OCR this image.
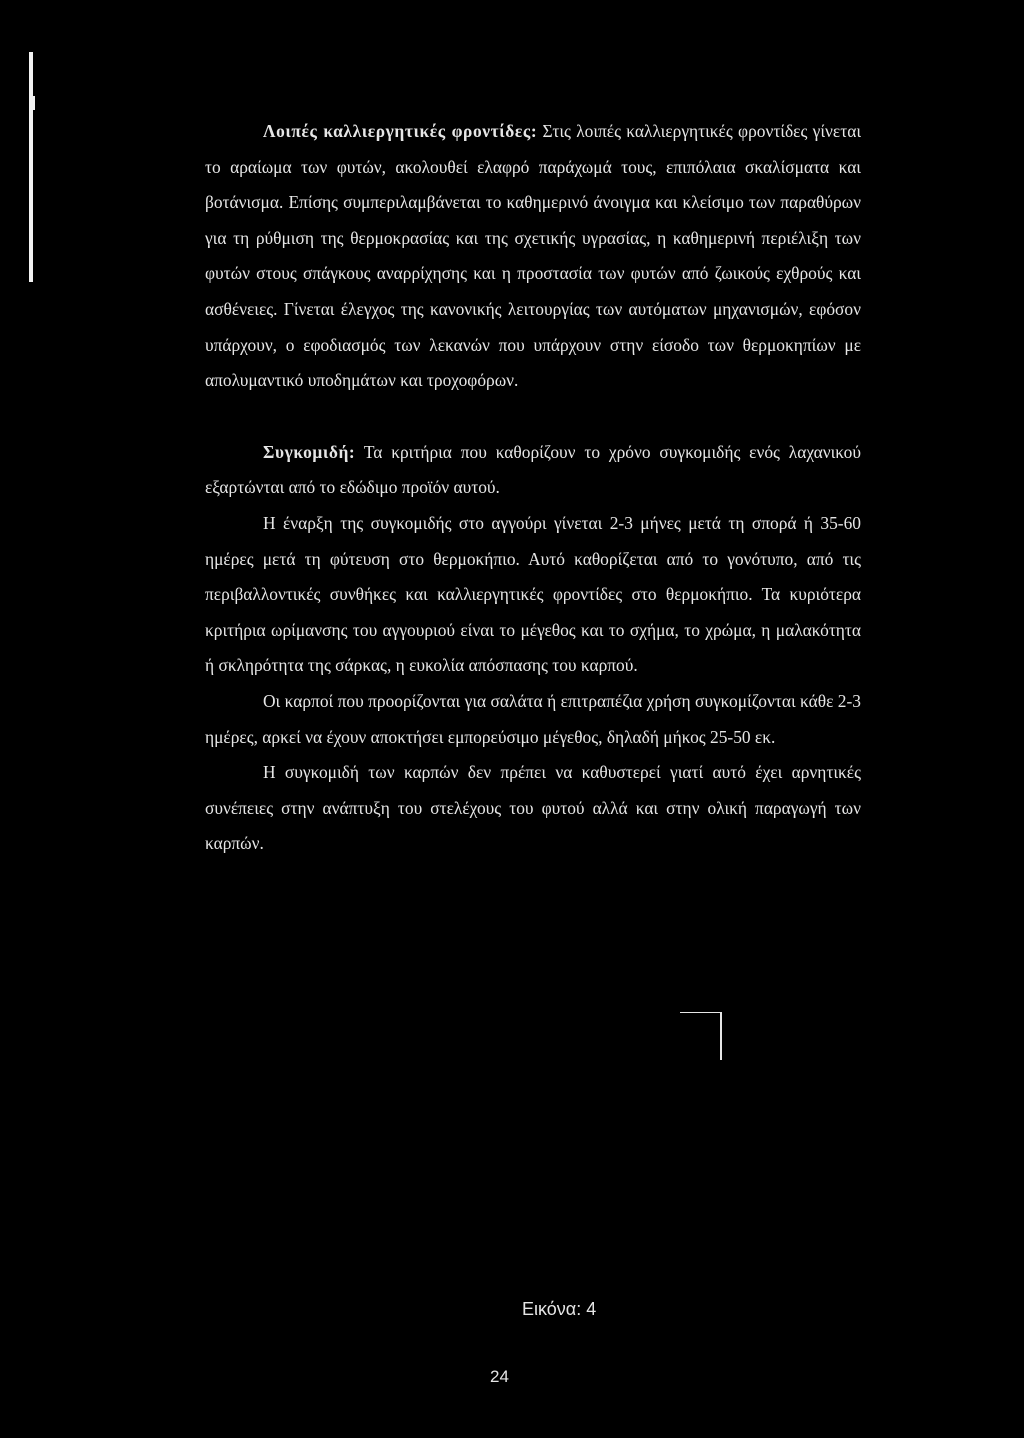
Λοιπές καλλιεργητικές φροντίδες: Στις λοιπές καλλιεργητικές φροντίδες γίνεται το αραίωμα των φυτών, ακολουθεί ελαφρό παράχωμά τους, επιπόλαια σκαλίσματα και βοτάνισμα. Επίσης συμπεριλαμβάνεται το καθημερινό άνοιγμα και κλείσιμο των παραθύρων για τη ρύθμιση της θερμοκρασίας και της σχετικής υγρασίας, η καθημερινή περιέλιξη των φυτών στους σπάγκους αναρρίχησης και η προστασία των φυτών από ζωικούς εχθρούς και ασθένειες. Γίνεται έλεγχος της κανονικής λειτουργίας των αυτόματων μηχανισμών, εφόσον υπάρχουν, ο εφοδιασμός των λεκανών που υπάρχουν στην είσοδο των θερμοκηπίων με απολυμαντικό υποδημάτων και τροχοφόρων.

Συγκομιδή: Τα κριτήρια που καθορίζουν το χρόνο συγκομιδής ενός λαχανικού εξαρτώνται από το εδώδιμο προϊόν αυτού.

Η έναρξη της συγκομιδής στο αγγούρι γίνεται 2-3 μήνες μετά τη σπορά ή 35-60 ημέρες μετά τη φύτευση στο θερμοκήπιο. Αυτό καθορίζεται από το γονότυπο, από τις περιβαλλοντικές συνθήκες και καλλιεργητικές φροντίδες στο θερμοκήπιο. Τα κυριότερα κριτήρια ωρίμανσης του αγγουριού είναι το μέγεθος και το σχήμα, το χρώμα, η μαλακότητα ή σκληρότητα της σάρκας, η ευκολία απόσπασης του καρπού.

Οι καρποί που προορίζονται για σαλάτα ή επιτραπέζια χρήση συγκομίζονται κάθε 2-3 ημέρες, αρκεί να έχουν αποκτήσει εμπορεύσιμο μέγεθος, δηλαδή μήκος 25-50 εκ.

Η συγκομιδή των καρπών δεν πρέπει να καθυστερεί γιατί αυτό έχει αρνητικές συνέπειες στην ανάπτυξη του στελέχους του φυτού αλλά και στην ολική παραγωγή των καρπών.

Εικόνα: 4
24
